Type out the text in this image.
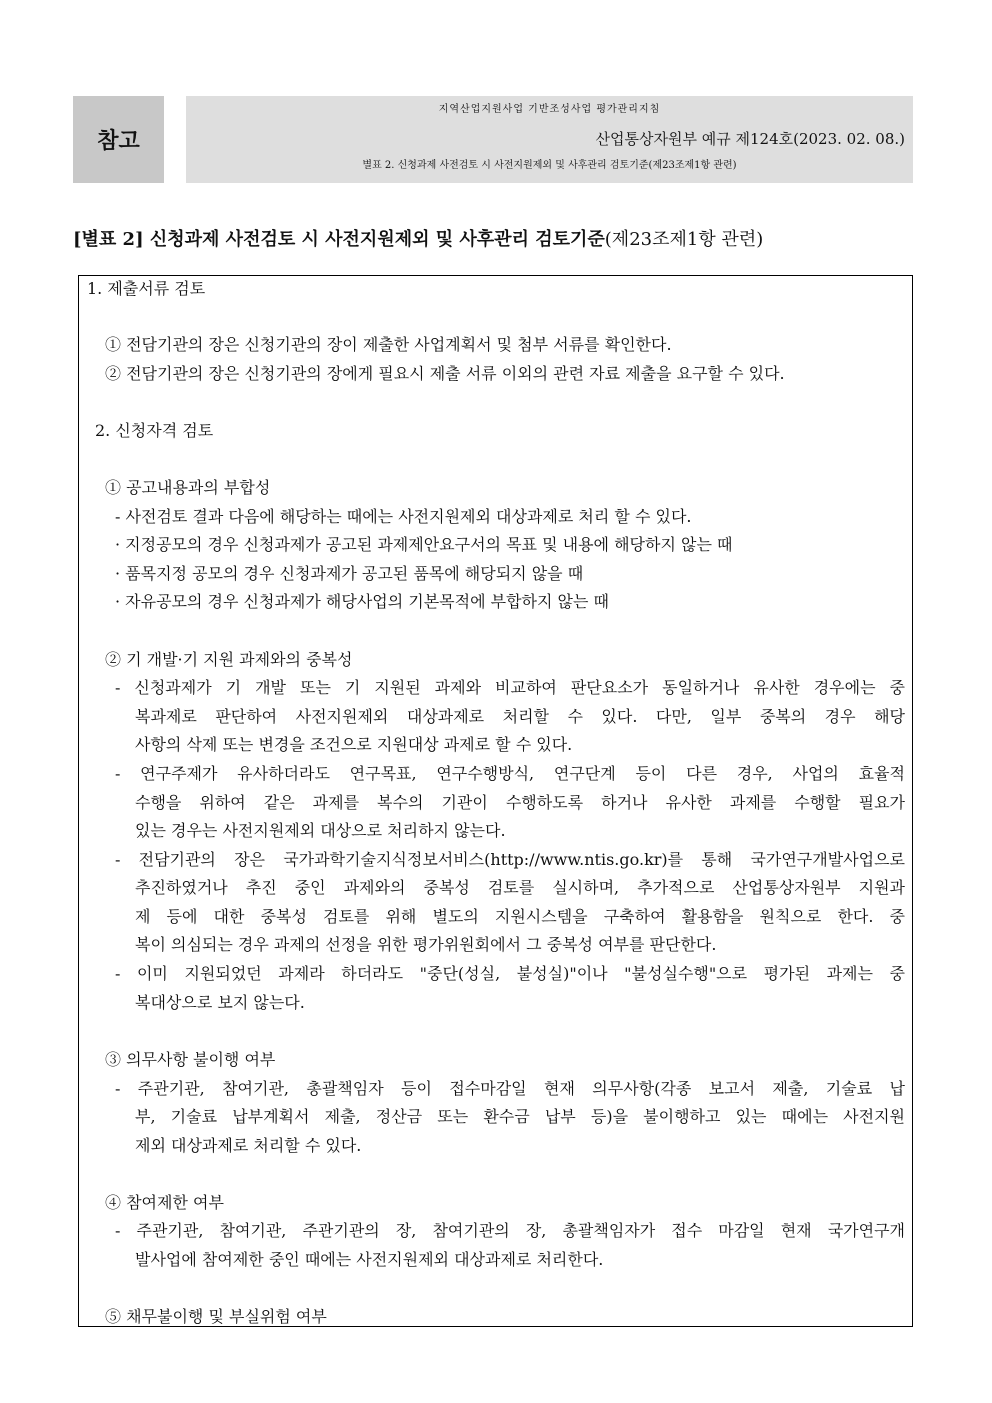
참고
지역산업지원사업 기반조성사업 평가관리지침
산업통상자원부 예규 제124호(2023. 02. 08.)
별표 2. 신청과제 사전검토 시 사전지원제외 및 사후관리 검토기준(제23조제1항 관련)
[별표 2] 신청과제 사전검토 시 사전지원제외 및 사후관리 검토기준(제23조제1항 관련)
1. 제출서류 검토
① 전담기관의 장은 신청기관의 장이 제출한 사업계획서 및 첨부 서류를 확인한다.
② 전담기관의 장은 신청기관의 장에게 필요시 제출 서류 이외의 관련 자료 제출을 요구할 수 있다.
2. 신청자격 검토
① 공고내용과의 부합성
- 사전검토 결과 다음에 해당하는 때에는 사전지원제외 대상과제로 처리 할 수 있다.
· 지정공모의 경우 신청과제가 공고된 과제제안요구서의 목표 및 내용에 해당하지 않는 때
· 품목지정 공모의 경우 신청과제가 공고된 품목에 해당되지 않을 때
· 자유공모의 경우 신청과제가 해당사업의 기본목적에 부합하지 않는 때
② 기 개발·기 지원 과제와의 중복성
- 신청과제가 기 개발 또는 기 지원된 과제와 비교하여 판단요소가 동일하거나 유사한 경우에는 중
복과제로 판단하여 사전지원제외 대상과제로 처리할 수 있다. 다만, 일부 중복의 경우 해당
사항의 삭제 또는 변경을 조건으로 지원대상 과제로 할 수 있다.
- 연구주제가 유사하더라도 연구목표, 연구수행방식, 연구단계 등이 다른 경우, 사업의 효율적
수행을 위하여 같은 과제를 복수의 기관이 수행하도록 하거나 유사한 과제를 수행할 필요가
있는 경우는 사전지원제외 대상으로 처리하지 않는다.
- 전담기관의 장은 국가과학기술지식정보서비스(http://www.ntis.go.kr)를 통해 국가연구개발사업으로
추진하였거나 추진 중인 과제와의 중복성 검토를 실시하며, 추가적으로 산업통상자원부 지원과
제 등에 대한 중복성 검토를 위해 별도의 지원시스템을 구축하여 활용함을 원칙으로 한다. 중
복이 의심되는 경우 과제의 선정을 위한 평가위원회에서 그 중복성 여부를 판단한다.
- 이미 지원되었던 과제라 하더라도 "중단(성실, 불성실)"이나 "불성실수행"으로 평가된 과제는 중
복대상으로 보지 않는다.
③ 의무사항 불이행 여부
- 주관기관, 참여기관, 총괄책임자 등이 접수마감일 현재 의무사항(각종 보고서 제출, 기술료 납
부, 기술료 납부계획서 제출, 정산금 또는 환수금 납부 등)을 불이행하고 있는 때에는 사전지원
제외 대상과제로 처리할 수 있다.
④ 참여제한 여부
- 주관기관, 참여기관, 주관기관의 장, 참여기관의 장, 총괄책임자가 접수 마감일 현재 국가연구개
발사업에 참여제한 중인 때에는 사전지원제외 대상과제로 처리한다.
⑤ 채무불이행 및 부실위험 여부
